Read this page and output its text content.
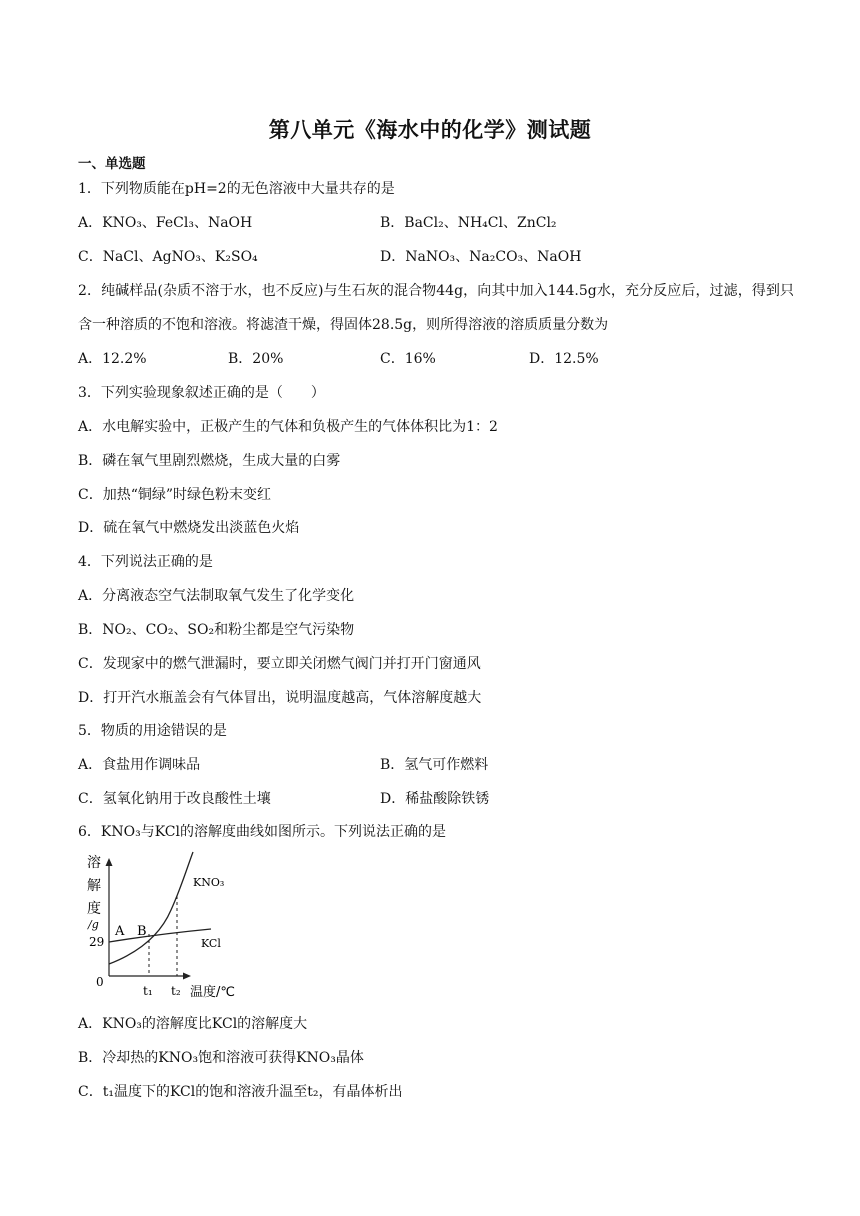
第八单元《海水中的化学》测试题
一、单选题
1．下列物质能在pH=2的无色溶液中大量共存的是
A．KNO₃、FeCl₃、NaOH	B．BaCl₂、NH₄Cl、ZnCl₂
C．NaCl、AgNO₃、K₂SO₄	D．NaNO₃、Na₂CO₃、NaOH
2．纯碱样品(杂质不溶于水，也不反应)与生石灰的混合物44g，向其中加入144.5g水，充分反应后，过滤，得到只含一种溶质的不饱和溶液。将滤渣干燥，得固体28.5g，则所得溶液的溶质质量分数为
A．12.2%	B．20%	C．16%	D．12.5%
3．下列实验现象叙述正确的是（　　）
A．水电解实验中，正极产生的气体和负极产生的气体体积比为1：2
B．磷在氧气里剧烈燃烧，生成大量的白雾
C．加热“铜绿”时绿色粉末变红
D．硫在氧气中燃烧发出淡蓝色火焰
4．下列说法正确的是
A．分离液态空气法制取氧气发生了化学变化
B．NO₂、CO₂、SO₂和粉尘都是空气污染物
C．发现家中的燃气泄漏时，要立即关闭燃气阀门并打开门窗通风
D．打开汽水瓶盖会有气体冒出，说明温度越高，气体溶解度越大
5．物质的用途错误的是
A．食盐用作调味品	B．氢气可作燃料
C．氢氧化钠用于改良酸性土壤	D．稀盐酸除铁锈
6．KNO₃与KCl的溶解度曲线如图所示。下列说法正确的是
溶
解
度
/g
29
0
A B
KNO₃
KCl
t₁ t₂ 温度/℃
A．KNO₃的溶解度比KCl的溶解度大
B．冷却热的KNO₃饱和溶液可获得KNO₃晶体
C．t₁温度下的KCl的饱和溶液升温至t₂，有晶体析出
